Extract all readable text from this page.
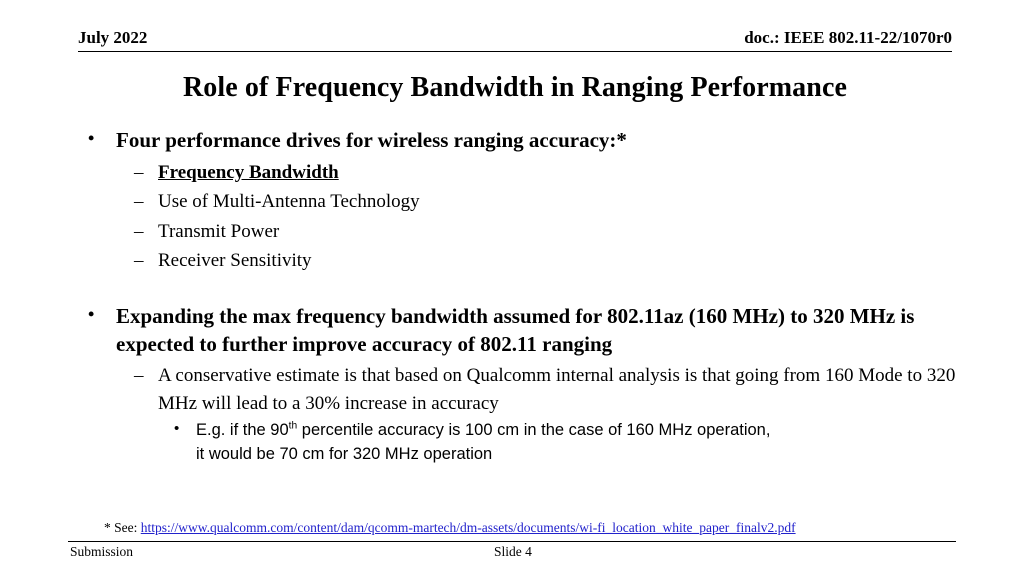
July 2022	doc.: IEEE 802.11-22/1070r0
Role of Frequency Bandwidth in Ranging Performance
• Four performance drives for wireless ranging accuracy:*
– Frequency Bandwidth
– Use of Multi-Antenna Technology
– Transmit Power
– Receiver Sensitivity
• Expanding the max frequency bandwidth assumed for 802.11az (160 MHz) to 320 MHz is expected to further improve accuracy of 802.11 ranging
– A conservative estimate is that based on Qualcomm internal analysis is that going from 160 Mode to 320 MHz will lead to a 30% increase in accuracy
• E.g. if the 90th percentile accuracy is 100 cm in the case of 160 MHz operation,
it would be 70 cm for 320 MHz operation
* See: https://www.qualcomm.com/content/dam/qcomm-martech/dm-assets/documents/wi-fi_location_white_paper_finalv2.pdf
Submission	Slide 4
